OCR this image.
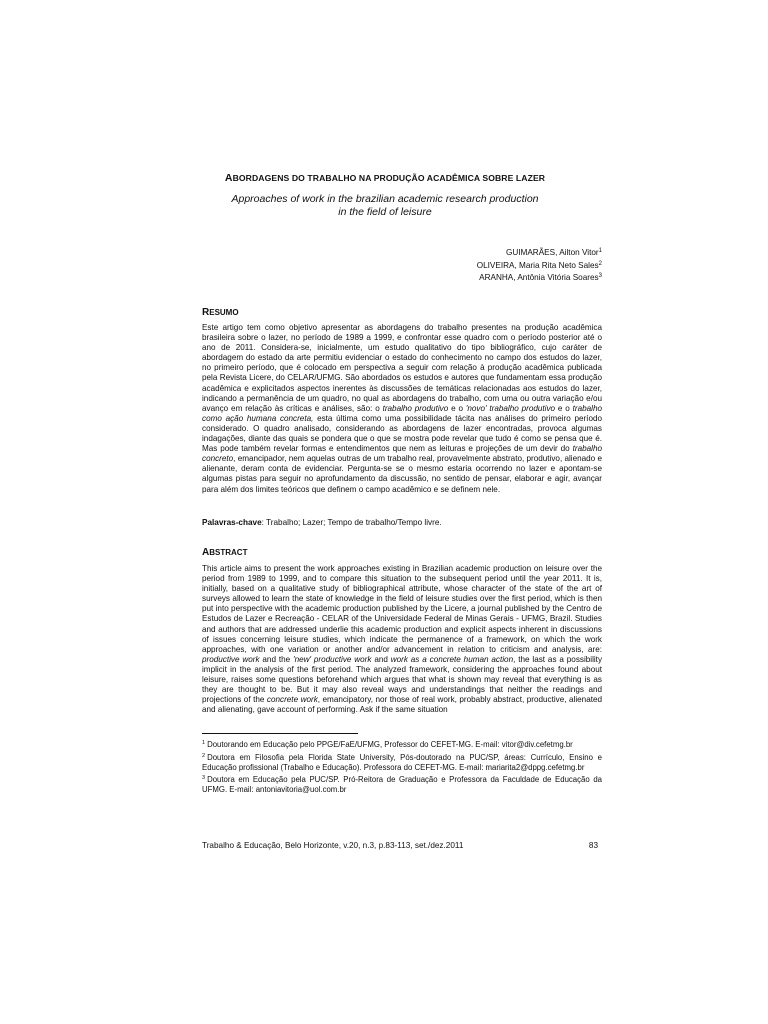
ABORDAGENS DO TRABALHO NA PRODUÇÃO ACADÊMICA SOBRE LAZER
Approaches of work in the brazilian academic research production
in the field of leisure
GUIMARÃES, Ailton Vitor$^1$
OLIVEIRA, Maria Rita Neto Sales$^2$
ARANHA, Antônia Vitória Soares$^3$
RESUMO

Este artigo tem como objetivo apresentar as abordagens do trabalho presentes na produção acadêmica brasileira sobre o lazer, no período de 1989 a 1999, e confrontar esse quadro com o período posterior até o ano de 2011. Considera-se, inicialmente, um estudo qualitativo do tipo bibliográfico, cujo caráter de abordagem do estado da arte permitiu evidenciar o estado do conhecimento no campo dos estudos do lazer, no primeiro período, que é colocado em perspectiva a seguir com relação à produção acadêmica publicada pela Revista Licere, do CELAR/UFMG. São abordados os estudos e autores que fundamentam essa produção acadêmica e explicitados aspectos inerentes às discussões de temáticas relacionadas aos estudos do lazer, indicando a permanência de um quadro, no qual as abordagens do trabalho, com uma ou outra variação e/ou avanço em relação às críticas e análises, são: o trabalho produtivo e o 'novo' trabalho produtivo e o trabalho como ação humana concreta, esta última como uma possibilidade tácita nas análises do primeiro período considerado. O quadro analisado, considerando as abordagens de lazer encontradas, provoca algumas indagações, diante das quais se pondera que o que se mostra pode revelar que tudo é como se pensa que é. Mas pode também revelar formas e entendimentos que nem as leituras e projeções de um devir do trabalho concreto, emancipador, nem aquelas outras de um trabalho real, provavelmente abstrato, produtivo, alienado e alienante, deram conta de evidenciar. Pergunta-se se o mesmo estaria ocorrendo no lazer e apontam-se algumas pistas para seguir no aprofundamento da discussão, no sentido de pensar, elaborar e agir, avançar para além dos limites teóricos que definem o campo acadêmico e se definem nele.

Palavras-chave: Trabalho; Lazer; Tempo de trabalho/Tempo livre.
ABSTRACT

This article aims to present the work approaches existing in Brazilian academic production on leisure over the period from 1989 to 1999, and to compare this situation to the subsequent period until the year 2011. It is, initially, based on a qualitative study of bibliographical attribute, whose character of the state of the art of surveys allowed to learn the state of knowledge in the field of leisure studies over the first period, which is then put into perspective with the academic production published by the Licere, a journal published by the Centro de Estudos de Lazer e Recreação - CELAR of the Universidade Federal de Minas Gerais - UFMG, Brazil. Studies and authors that are addressed underlie this academic production and explicit aspects inherent in discussions of issues concerning leisure studies, which indicate the permanence of a framework, on which the work approaches, with one variation or another and/or advancement in relation to criticism and analysis, are: productive work and the 'new' productive work and work as a concrete human action, the last as a possibility implicit in the analysis of the first period. The analyzed framework, considering the approaches found about leisure, raises some questions beforehand which argues that what is shown may reveal that everything is as they are thought to be. But it may also reveal ways and understandings that neither the readings and projections of the concrete work, emancipatory, nor those of real work, probably abstract, productive, alienated and alienating, gave account of performing. Ask if the same situation

$^1$ Doutorando em Educação pelo PPGE/FaE/UFMG, Professor do CEFET-MG. E-mail: vitor@div.cefetmg.br

$^2$ Doutora em Filosofia pela Florida State University, Pós-doutorado na PUC/SP, áreas: Currículo, Ensino e Educação profissional (Trabalho e Educação). Professora do CEFET-MG. E-mail: mariarita2@dppg.cefetmg.br

$^3$ Doutora em Educação pela PUC/SP. Pró-Reitora de Graduação e Professora da Faculdade de Educação da UFMG. E-mail: antoniavitoria@uol.com.br

Trabalho & Educação, Belo Horizonte, v.20, n.3, p.83-113, set./dez.2011	83
